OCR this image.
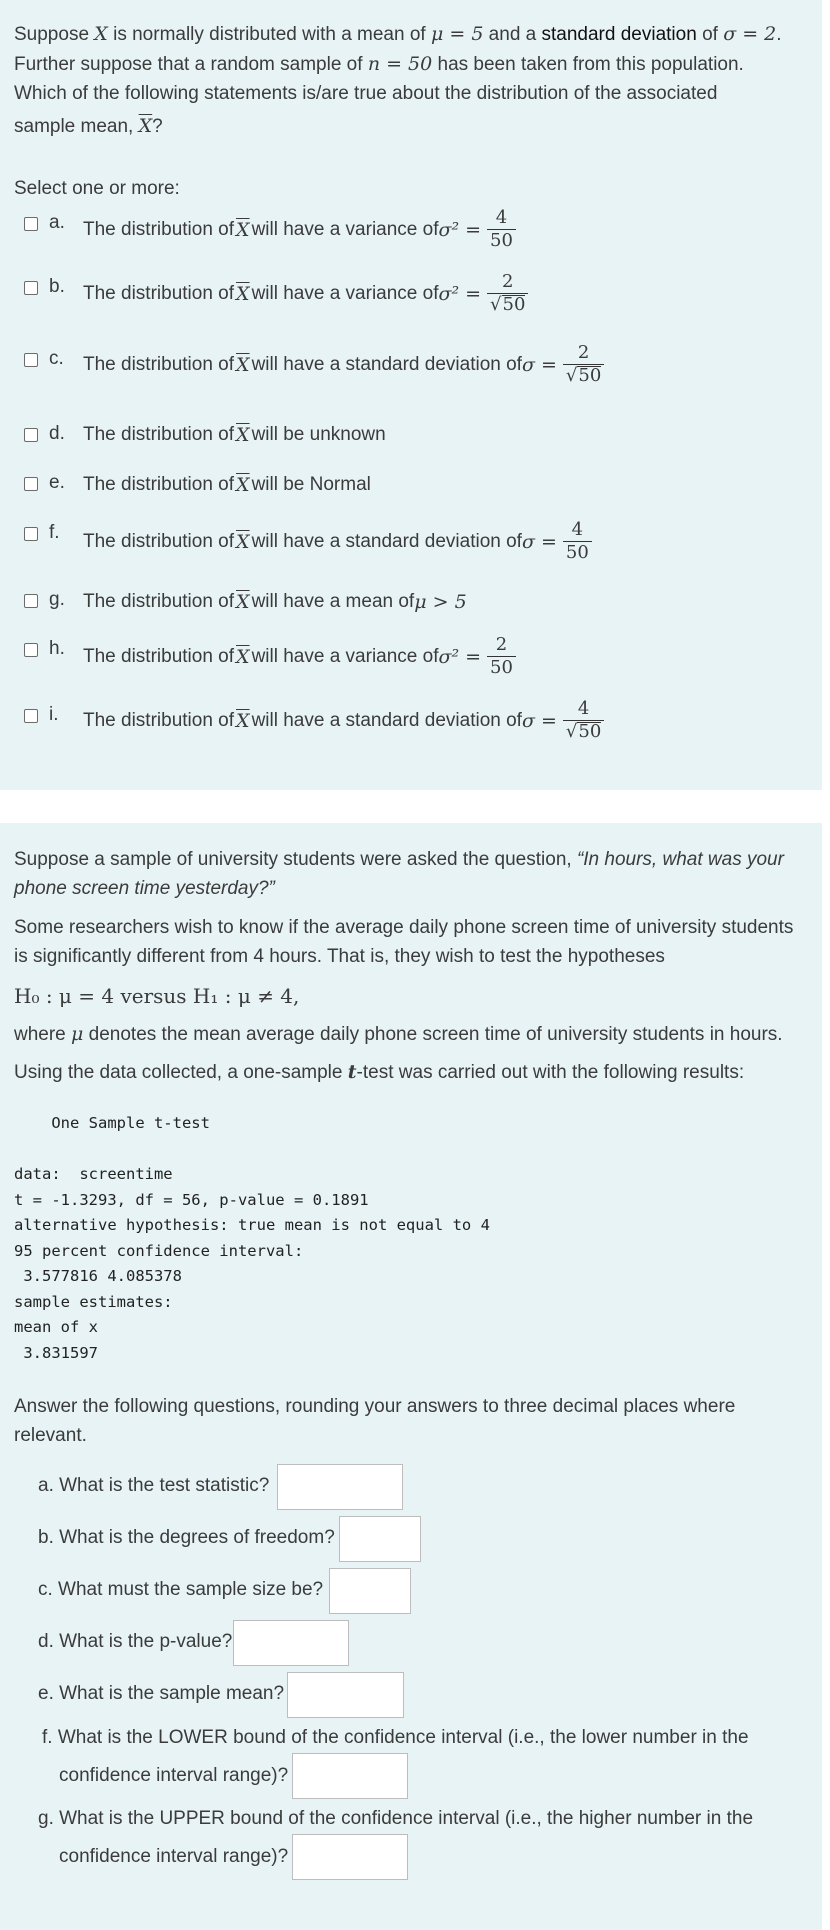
Suppose X is normally distributed with a mean of μ = 5 and a standard deviation of σ = 2.
Further suppose that a random sample of n = 50 has been taken from this population.
Which of the following statements is/are true about the distribution of the associated
sample mean, $\overline{X}$?
Select one or more:
a. The distribution of $\overline{X}$ will have a variance of $\sigma^2 = \frac{4}{50}$
b. The distribution of $\overline{X}$ will have a variance of $\sigma^2 = \frac{2}{√50}$
c. The distribution of $\overline{X}$ will have a standard deviation of $\sigma = \frac{2}{√50}$
d. The distribution of $\overline{X}$ will be unknown
e. The distribution of $\overline{X}$ will be Normal
f. The distribution of $\overline{X}$ will have a standard deviation of $\sigma = \frac{4}{50}$
g. The distribution of $\overline{X}$ will have a mean of μ > 5
h. The distribution of $\overline{X}$ will have a variance of $\sigma^2 = \frac{2}{50}$
i. The distribution of $\overline{X}$ will have a standard deviation of $\sigma = \frac{4}{√50}$
Suppose a sample of university students were asked the question, “In hours, what was your
phone screen time yesterday?”
Some researchers wish to know if the average daily phone screen time of university students
is significantly different from 4 hours. That is, they wish to test the hypotheses
H₀ : μ = 4 versus H₁ : μ ≠ 4,
where μ denotes the mean average daily phone screen time of university students in hours.
Using the data collected, a one-sample t-test was carried out with the following results:
One Sample t-test

data:  screentime
t = -1.3293, df = 56, p-value = 0.1891
alternative hypothesis: true mean is not equal to 4
95 percent confidence interval:
3.577816 4.085378
sample estimates:
mean of x
3.831597

Answer the following questions, rounding your answers to three decimal places where
relevant.
a. What is the test statistic?
b. What is the degrees of freedom?
c. What must the sample size be?
d. What is the p-value?
e. What is the sample mean?
f. What is the LOWER bound of the confidence interval (i.e., the lower number in the
confidence interval range)?
g. What is the UPPER bound of the confidence interval (i.e., the higher number in the
confidence interval range)?
